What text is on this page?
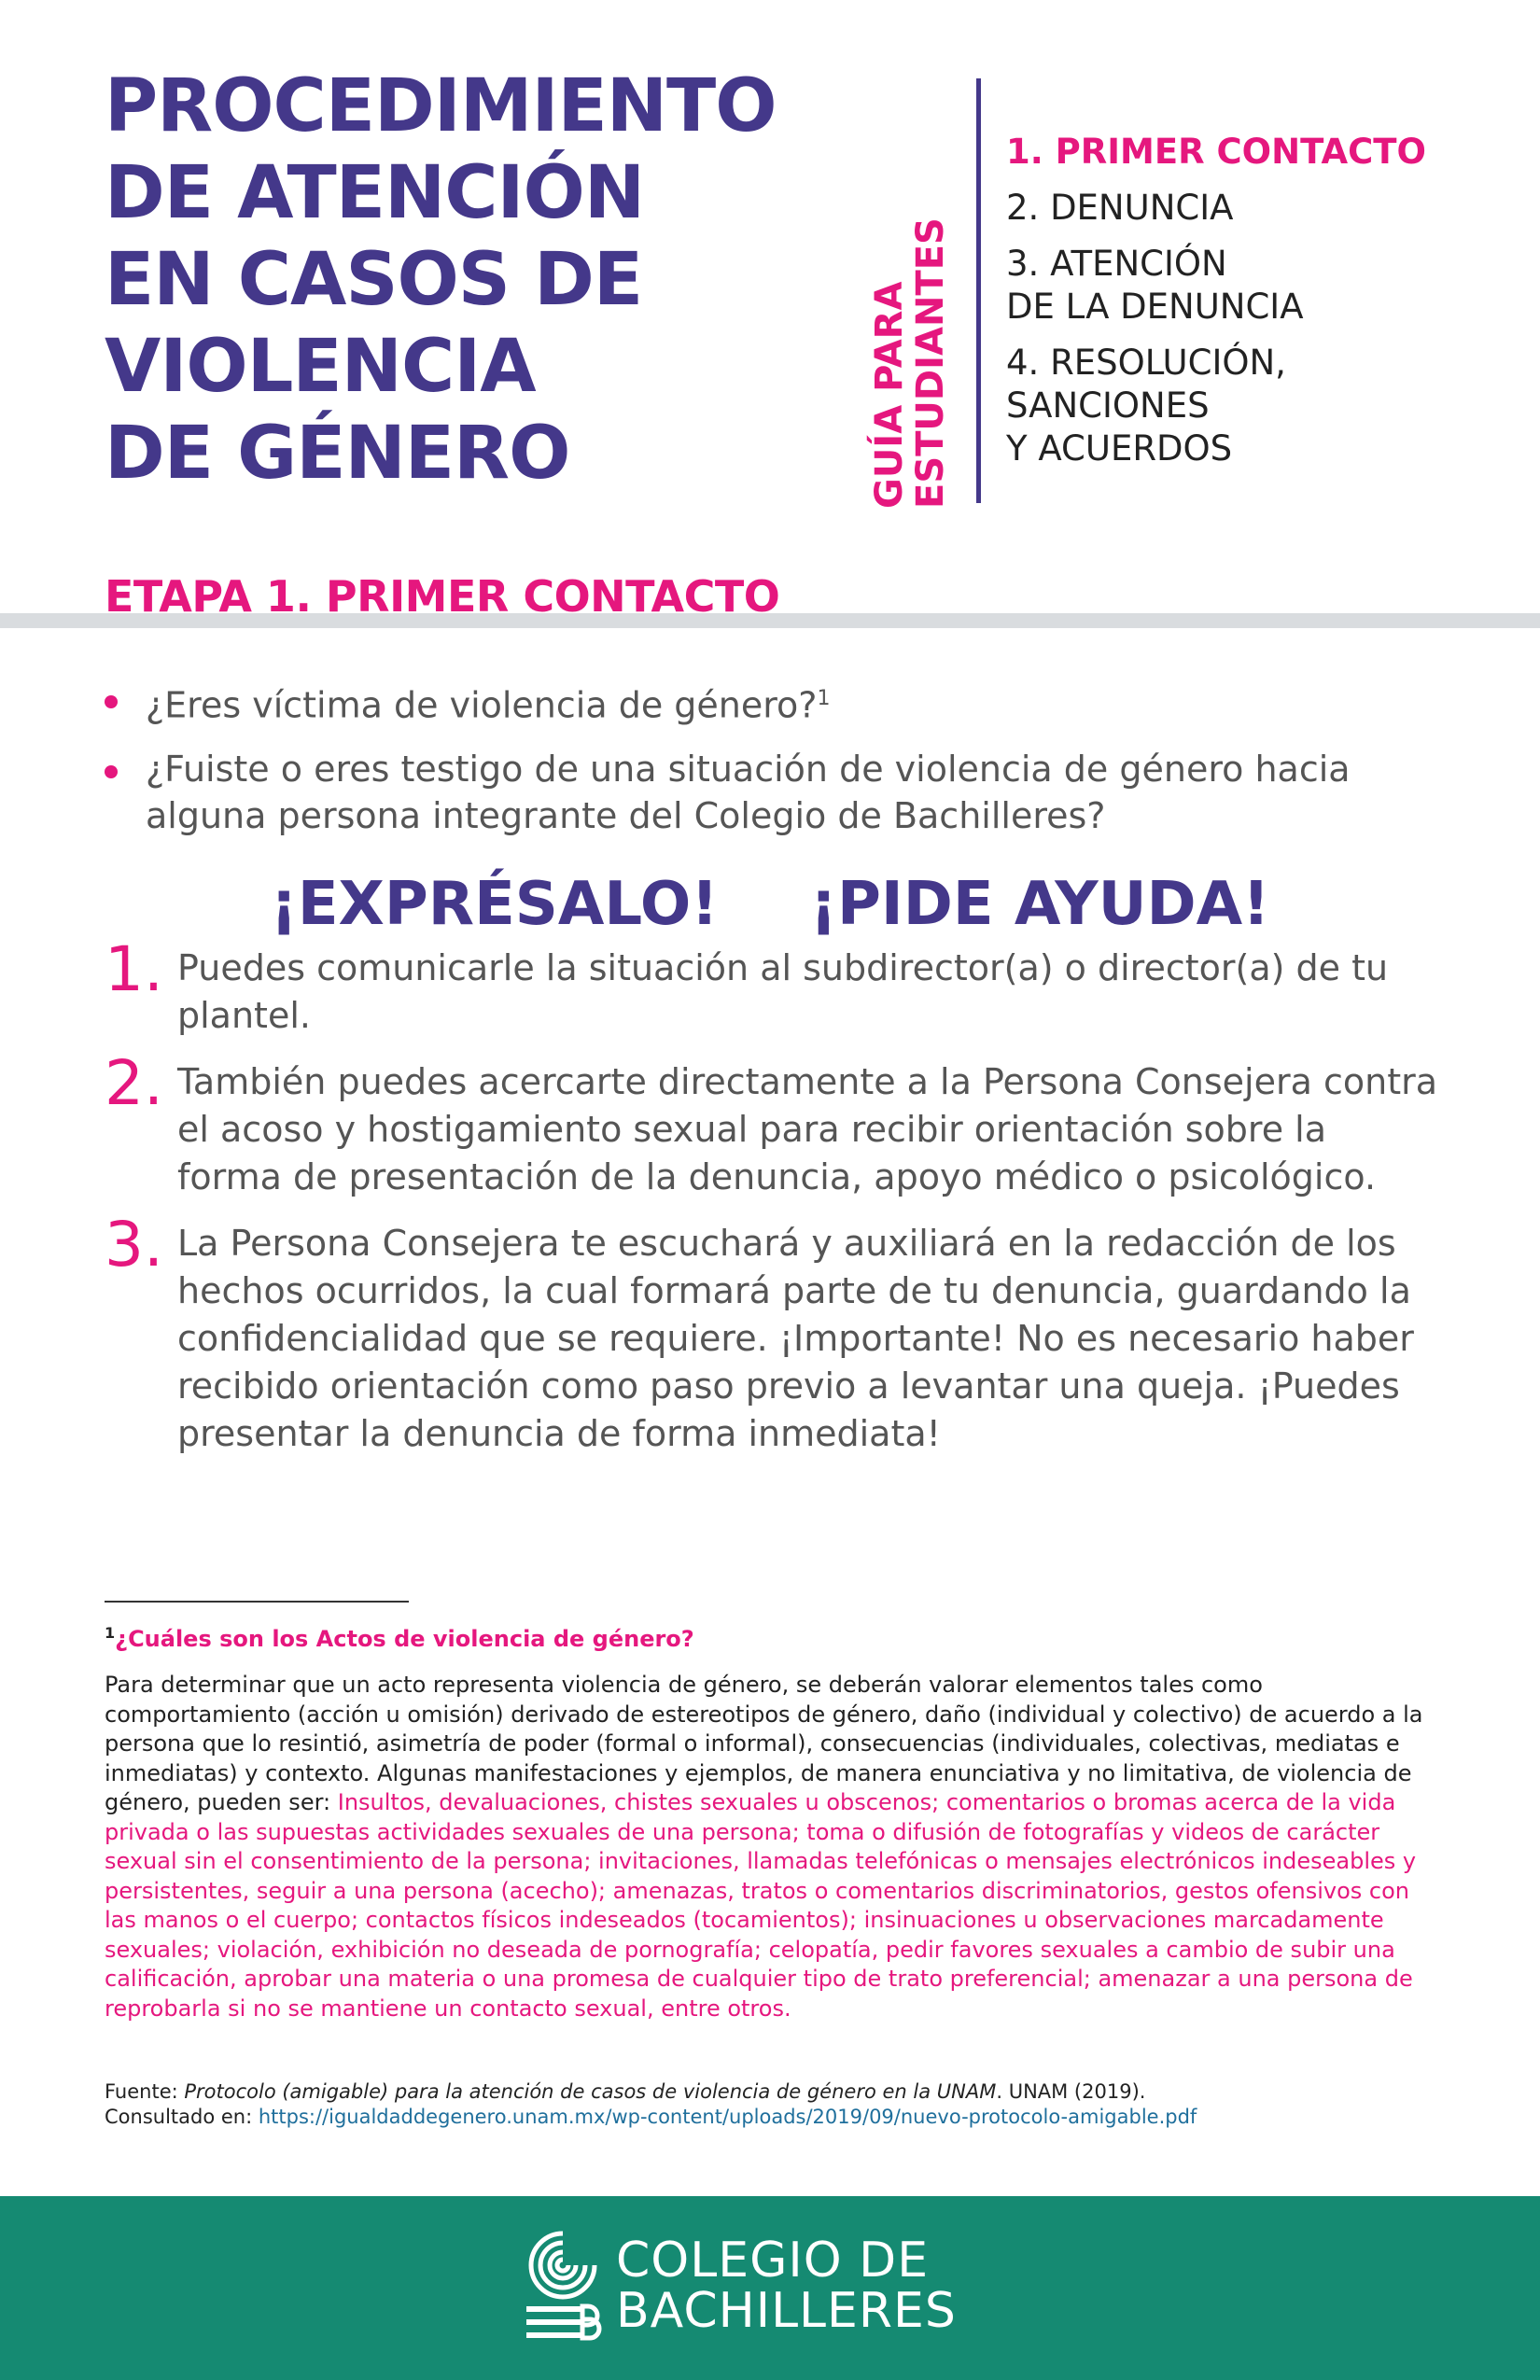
PROCEDIMIENTO
DE ATENCIÓN
EN CASOS DE
VIOLENCIA
DE GÉNERO	GUÍA PARA
ESTUDIANTES
1. PRIMER CONTACTO
2. DENUNCIA
3. ATENCIÓN
DE LA DENUNCIA
4. RESOLUCIÓN,
SANCIONES
Y ACUERDOS
ETAPA 1. PRIMER CONTACTO
¿Eres víctima de violencia de género?$^1$
¿Fuiste o eres testigo de una situación de violencia de género hacia alguna persona integrante del Colegio de Bachilleres?
¡EXPRÉSALO! ¡PIDE AYUDA!
1. Puedes comunicarle la situación al subdirector(a) o director(a) de tu plantel.
2. También puedes acercarte directamente a la Persona Consejera contra el acoso y hostigamiento sexual para recibir orientación sobre la forma de presentación de la denuncia, apoyo médico o psicológico.
3. La Persona Consejera te escuchará y auxiliará en la redacción de los hechos ocurridos, la cual formará parte de tu denuncia, guardando la confidencialidad que se requiere. ¡Importante! No es necesario haber recibido orientación como paso previo a levantar una queja. ¡Puedes presentar la denuncia de forma inmediata!
$^1$¿Cuáles son los Actos de violencia de género?
Para determinar que un acto representa violencia de género, se deberán valorar elementos tales como comportamiento (acción u omisión) derivado de estereotipos de género, daño (individual y colectivo) de acuerdo a la persona que lo resintió, asimetría de poder (formal o informal), consecuencias (individuales, colectivas, mediatas e inmediatas) y contexto. Algunas manifestaciones y ejemplos, de manera enunciativa y no limitativa, de violencia de género, pueden ser: Insultos, devaluaciones, chistes sexuales u obscenos; comentarios o bromas acerca de la vida privada o las supuestas actividades sexuales de una persona; toma o difusión de fotografías y videos de carácter sexual sin el consentimiento de la persona; invitaciones, llamadas telefónicas o mensajes electrónicos indeseables y persistentes, seguir a una persona (acecho); amenazas, tratos o comentarios discriminatorios, gestos ofensivos con las manos o el cuerpo; contactos físicos indeseados (tocamientos); insinuaciones u observaciones marcadamente sexuales; violación, exhibición no deseada de pornografía; celopatía, pedir favores sexuales a cambio de subir una calificación, aprobar una materia o una promesa de cualquier tipo de trato preferencial; amenazar a una persona de reprobarla si no se mantiene un contacto sexual, entre otros.
Fuente: Protocolo (amigable) para la atención de casos de violencia de género en la UNAM. UNAM (2019).
Consultado en: https://igualdaddegenero.unam.mx/wp-content/uploads/2019/09/nuevo-protocolo-amigable.pdf
COLEGIO DE
BACHILLERES
